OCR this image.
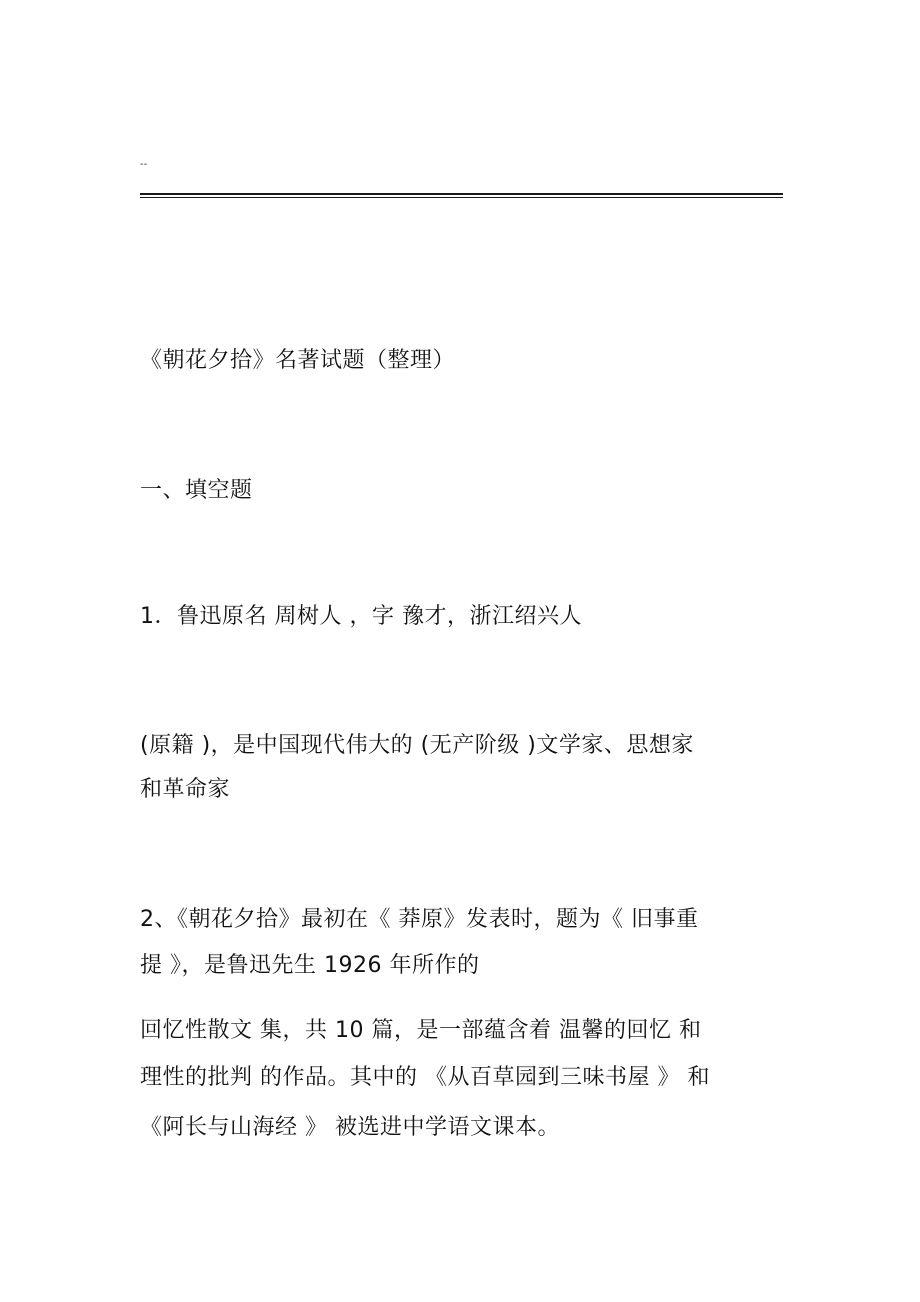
--
《朝花夕拾》名著试题（整理）
一、填空题
1．鲁迅原名 周树人 ，字 豫才，浙江绍兴人
(原籍 )，是中国现代伟大的 (无产阶级 )文学家、思想家
和革命家
2、《朝花夕拾》最初在《 莽原》发表时，题为《 旧事重
提 》，是鲁迅先生 1926 年所作的
回忆性散文 集，共 10 篇，是一部蕴含着 温馨的回忆 和
理性的批判 的作品。其中的 《从百草园到三味书屋 》 和
《阿长与山海经 》 被选进中学语文课本。
